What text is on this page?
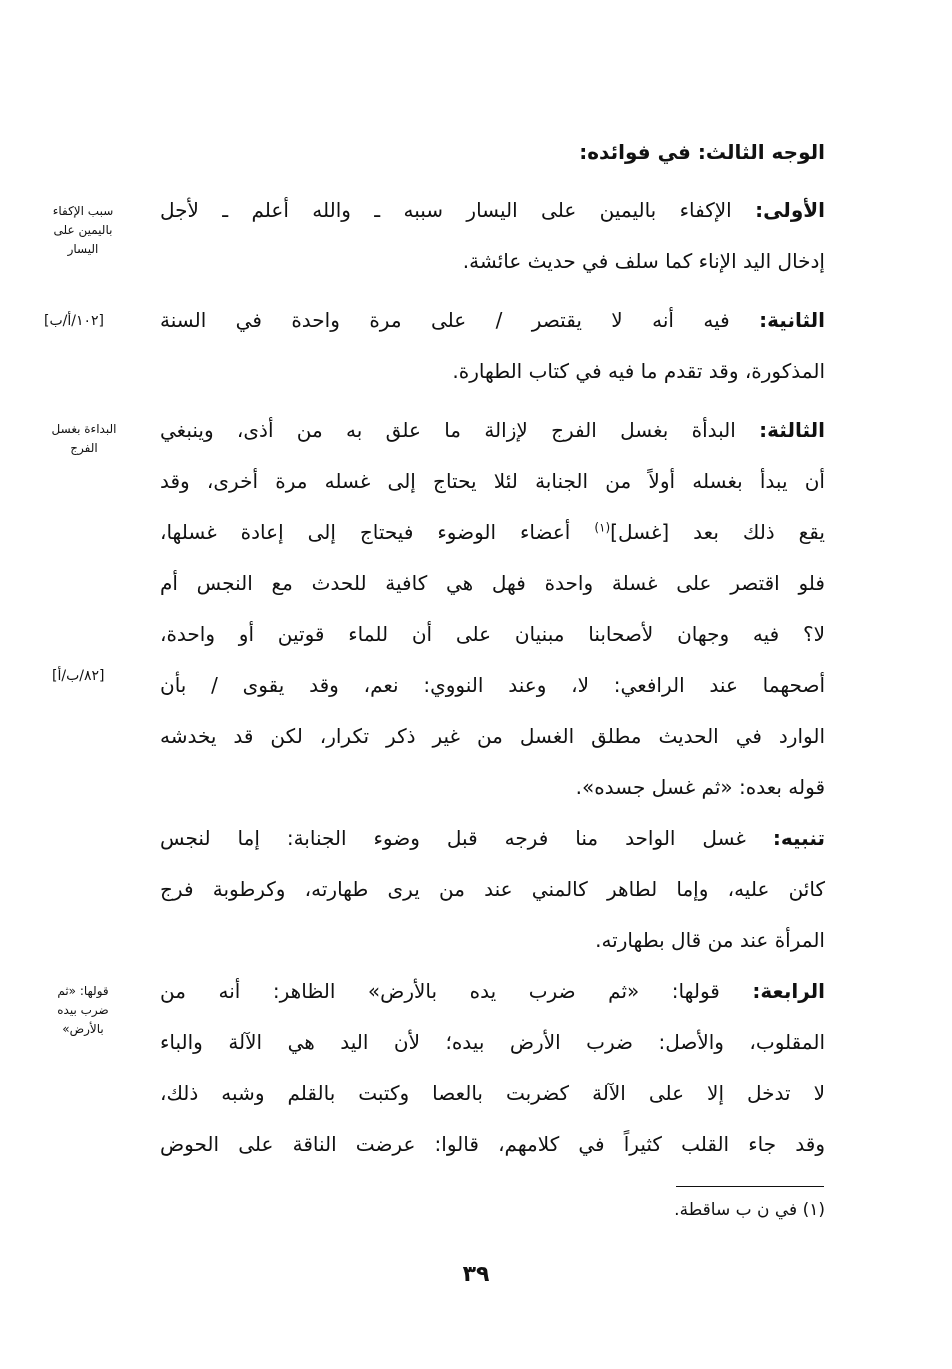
الوجه الثالث: في فوائده:
الأولى: الإكفاء باليمين على اليسار سببه ـ والله أعلم ـ لأجل
إدخال اليد الإناء كما سلف في حديث عائشة.
الثانية: فيه أنه لا يقتصر / على مرة واحدة في السنة
المذكورة، وقد تقدم ما فيه في كتاب الطهارة.
الثالثة: البدأة بغسل الفرج لإزالة ما علق به من أذى، وينبغي
أن يبدأ بغسله أولاً من الجنابة لئلا يحتاج إلى غسله مرة أخرى، وقد
يقع ذلك بعد [غسل]$^{(١)}$ أعضاء الوضوء فيحتاج إلى إعادة غسلها،
فلو اقتصر على غسلة واحدة فهل هي كافية للحدث مع النجس أم
لا؟ فيه وجهان لأصحابنا مبنيان على أن للماء قوتين أو واحدة،
أصحهما عند الرافعي: لا، وعند النووي: نعم، وقد يقوى / بأن
الوارد في الحديث مطلق الغسل من غير ذكر تكرار، لكن قد يخدشه
قوله بعده: «ثم غسل جسده».
تنبيه: غسل الواحد منا فرجه قبل وضوء الجنابة: إما لنجس
كائن عليه، وإما لطاهر كالمني عند من يرى طهارته، وكرطوبة فرج
المرأة عند من قال بطهارته.
الرابعة: قولها: «ثم ضرب يده بالأرض» الظاهر: أنه من
المقلوب، والأصل: ضرب الأرض بيده؛ لأن اليد هي الآلة والباء
لا تدخل إلا على الآلة كضربت بالعصا وكتبت بالقلم وشبه ذلك،
وقد جاء القلب كثيراً في كلامهم، قالوا: عرضت الناقة على الحوض
سبب الإكفاء
باليمين على
اليسار
البداءة بغسل
الفرج
قولها: «ثم
ضرب بيده
بالأرض»
[١٠٢/أ/ب]
[٨٢/ب/أ]
(١) في ن ب ساقطة.
٣٩
